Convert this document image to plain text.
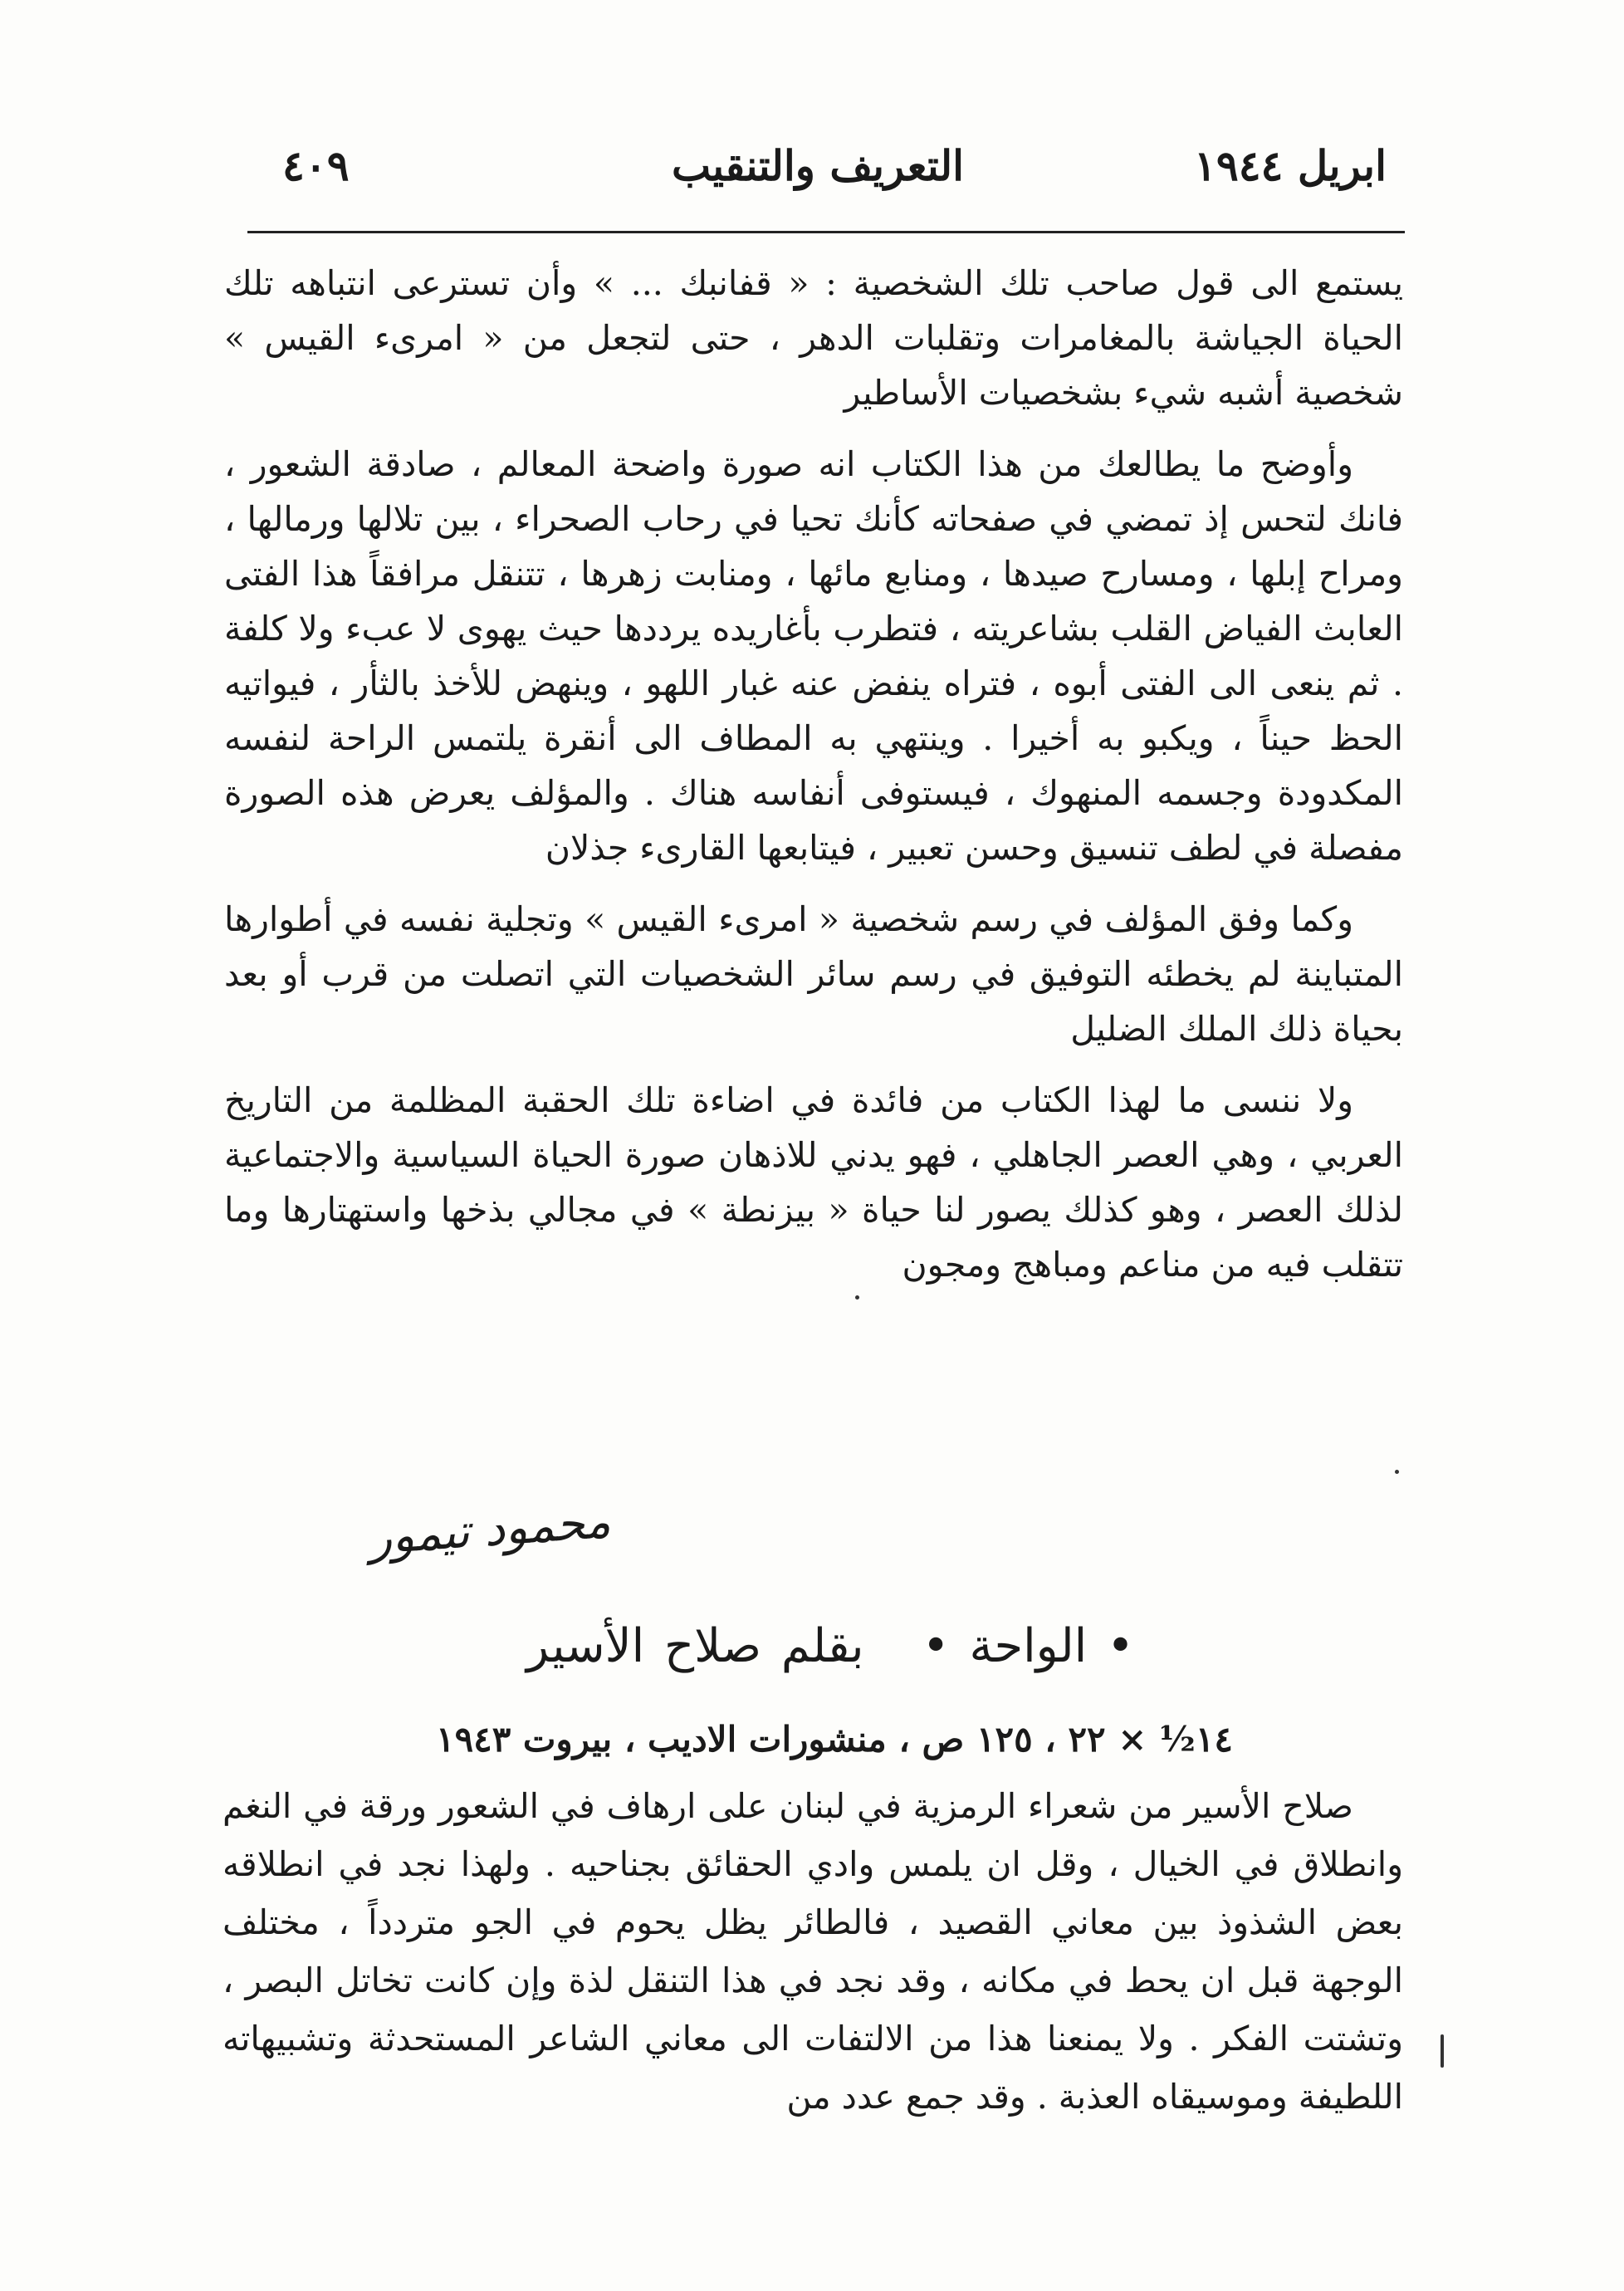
ابريل ١٩٤٤
التعريف والتنقيب
٤٠٩

يستمع الى قول صاحب تلك الشخصية : « قفانبك ... » وأن تسترعى انتباهه تلك الحياة الجياشة بالمغامرات وتقلبات الدهر ، حتى لتجعل من « امرىء القيس » شخصية أشبه شيء بشخصيات الأساطير

وأوضح ما يطالعك من هذا الكتاب انه صورة واضحة المعالم ، صادقة الشعور ، فانك لتحس إذ تمضي في صفحاته كأنك تحيا في رحاب الصحراء ، بين تلالها ورمالها ، ومراح إبلها ، ومسارح صيدها ، ومنابع مائها ، ومنابت زهرها ، تتنقل مرافقاً هذا الفتى العابث الفياض القلب بشاعريته ، فتطرب بأغاريده يرددها حيث يهوى لا عبء ولا كلفة . ثم ينعى الى الفتى أبوه ، فتراه ينفض عنه غبار اللهو ، وينهض للأخذ بالثأر ، فيواتيه الحظ حيناً ، ويكبو به أخيرا . وينتهي به المطاف الى أنقرة يلتمس الراحة لنفسه المكدودة وجسمه المنهوك ، فيستوفى أنفاسه هناك . والمؤلف يعرض هذه الصورة مفصلة في لطف تنسيق وحسن تعبير ، فيتابعها القارىء جذلان

وكما وفق المؤلف في رسم شخصية « امرىء القيس » وتجلية نفسه في أطوارها المتباينة لم يخطئه التوفيق في رسم سائر الشخصيات التي اتصلت من قرب أو بعد بحياة ذلك الملك الضليل

ولا ننسى ما لهذا الكتاب من فائدة في اضاءة تلك الحقبة المظلمة من التاريخ العربي ، وهي العصر الجاهلي ، فهو يدني للاذهان صورة الحياة السياسية والاجتماعية لذلك العصر ، وهو كذلك يصور لنا حياة « بيزنطة » في مجالي بذخها واستهتارها وما تتقلب فيه من مناعم ومباهج ومجون

محمود تيمور
• الواحة •بقلم صلاح الأسير
١٤½ × ٢٢ ، ١٢٥ ص ، منشورات الاديب ، بيروت ١٩٤٣

صلاح الأسير من شعراء الرمزية في لبنان على ارهاف في الشعور ورقة في النغم وانطلاق في الخيال ، وقل ان يلمس وادي الحقائق بجناحيه . ولهذا نجد في انطلاقه بعض الشذوذ بين معاني القصيد ، فالطائر يظل يحوم في الجو متردداً ، مختلف الوجهة قبل ان يحط في مكانه ، وقد نجد في هذا التنقل لذة وإن كانت تخاتل البصر ، وتشتت الفكر . ولا يمنعنا هذا من الالتفات الى معاني الشاعر المستحدثة وتشبيهاته اللطيفة وموسيقاه العذبة . وقد جمع عدد من
